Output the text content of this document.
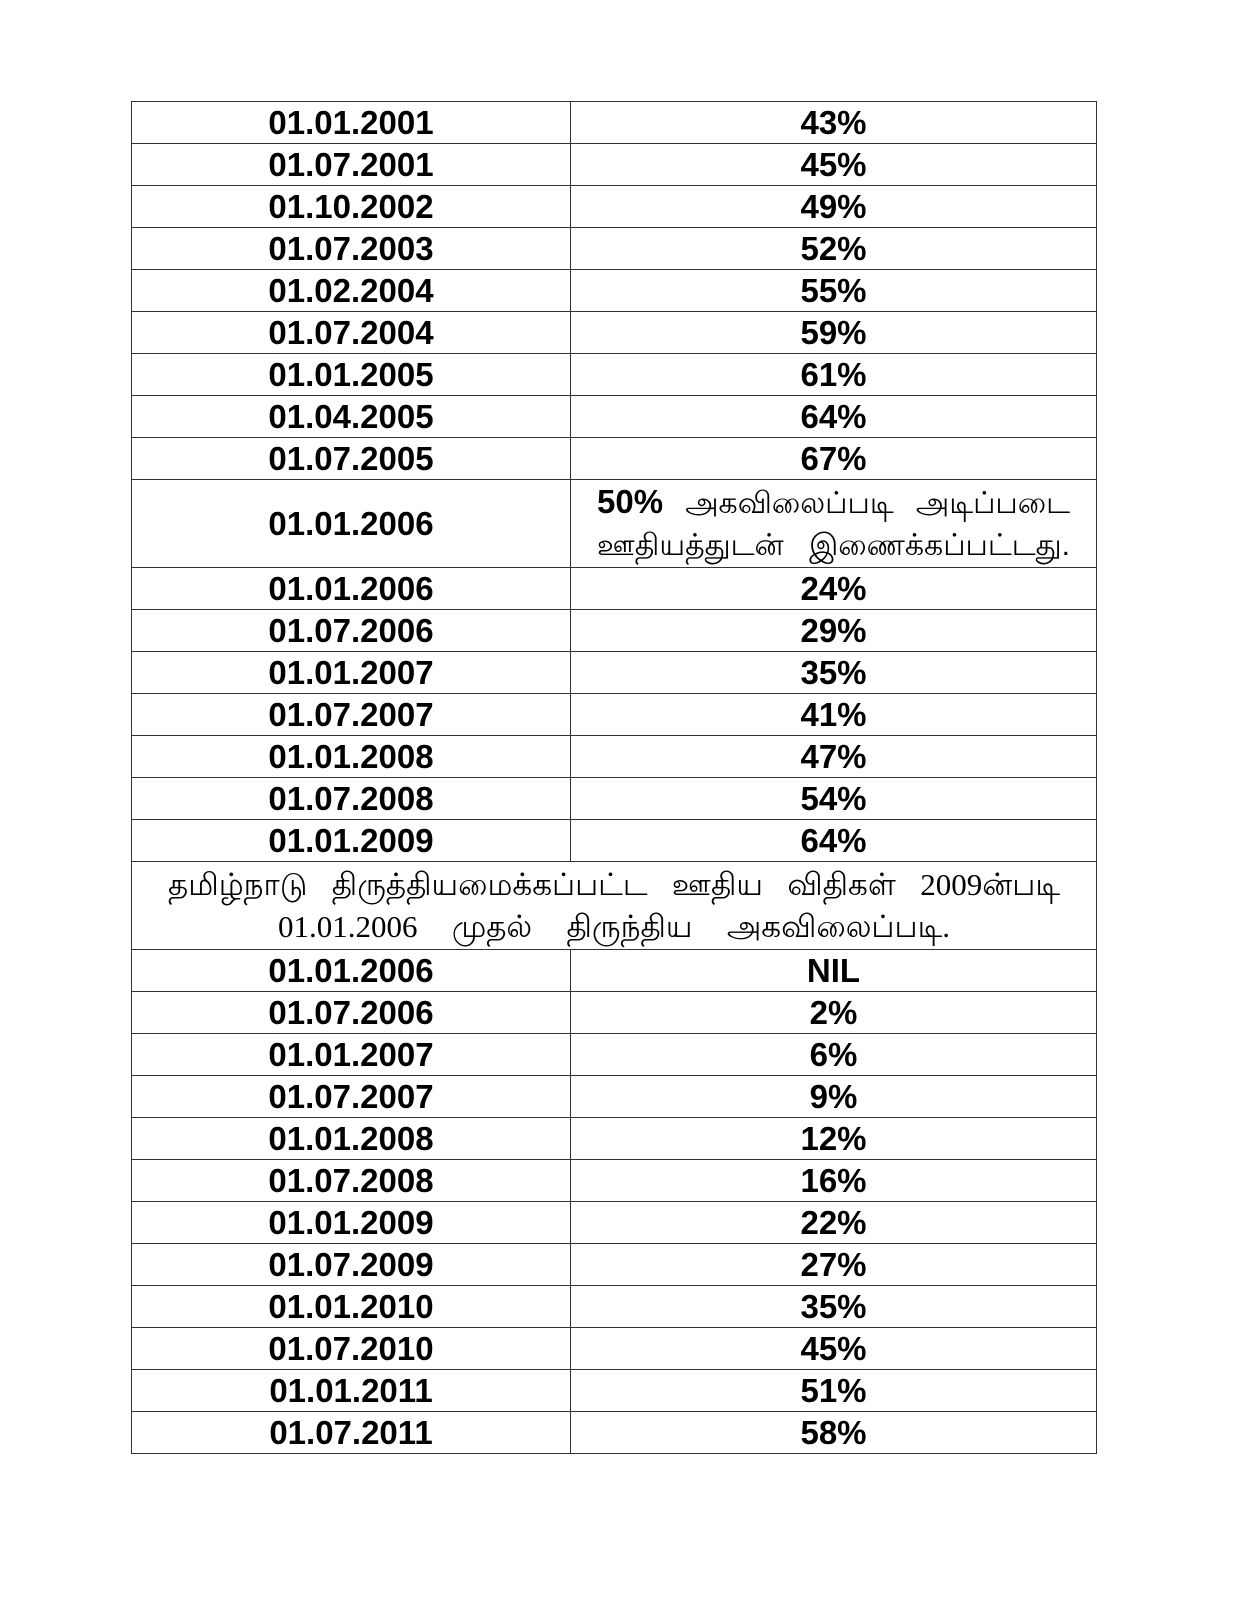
01.01.2001	43%
01.07.2001	45%
01.10.2002	49%
01.07.2003	52%
01.02.2004	55%
01.07.2004	59%
01.01.2005	61%
01.04.2005	64%
01.07.2005	67%
01.01.2006	50% அகவிலைப்படி அடிப்படை ஊதியத்துடன் இணைக்கப்பட்டது.
01.01.2006	24%
01.07.2006	29%
01.01.2007	35%
01.07.2007	41%
01.01.2008	47%
01.07.2008	54%
01.01.2009	64%

தமிழ்நாடு திருத்தியமைக்கப்பட்ட ஊதிய விதிகள் 2009ன்படி
01.01.2006 முதல் திருந்திய அகவிலைப்படி.	

01.01.2006	NIL
01.07.2006	2%
01.01.2007	6%
01.07.2007	9%
01.01.2008	12%
01.07.2008	16%
01.01.2009	22%
01.07.2009	27%
01.01.2010	35%
01.07.2010	45%
01.01.2011	51%
01.07.2011	58%
